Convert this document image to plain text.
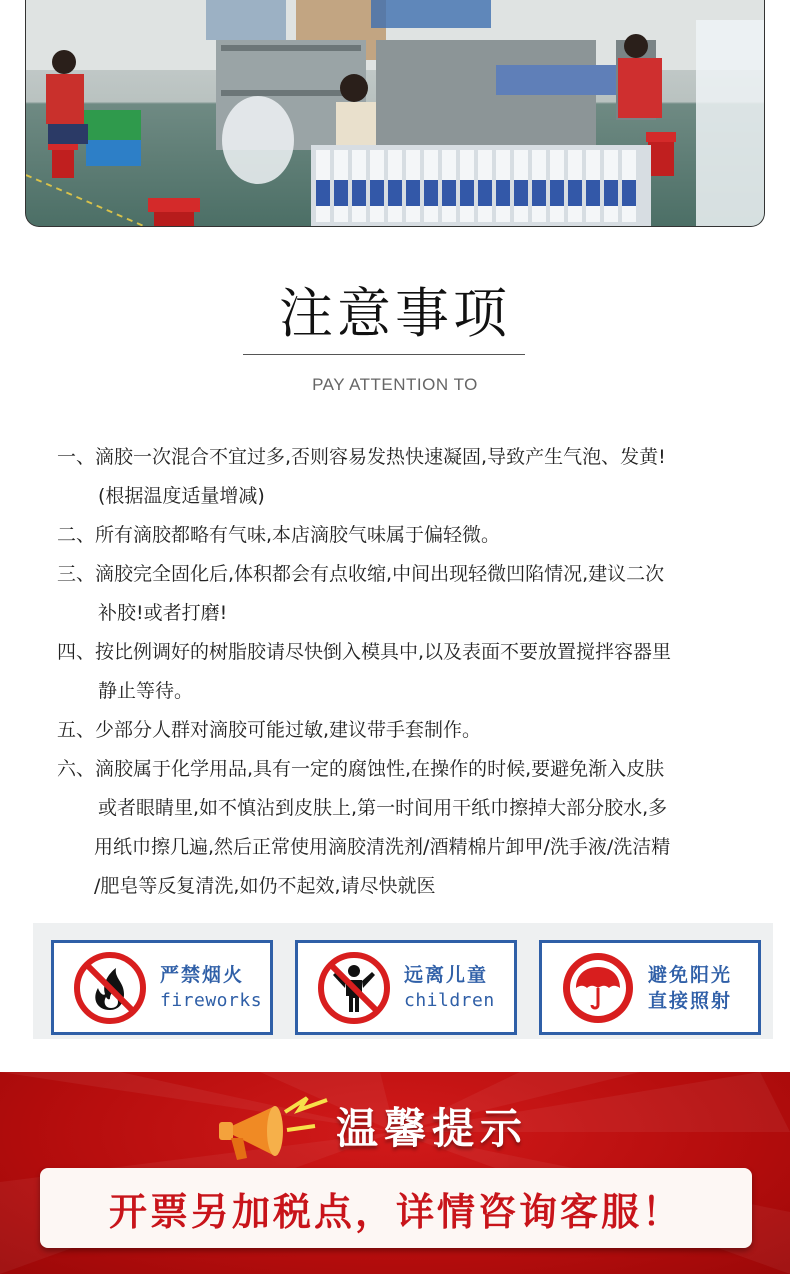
注意事项
PAY ATTENTION TO
一、 滴胶一次混合不宜过多,否则容易发热快速凝固,导致产生气泡、发黄!
(根据温度适量增减)
二、 所有滴胶都略有气味,本店滴胶气味属于偏轻微。
三、 滴胶完全固化后,体积都会有点收缩,中间出现轻微凹陷情况,建议二次
补胶!或者打磨!
四、 按比例调好的树脂胶请尽快倒入模具中,以及表面不要放置搅拌容器里
静止等待。
五、 少部分人群对滴胶可能过敏,建议带手套制作。
六、 滴胶属于化学用品,具有一定的腐蚀性,在操作的时候,要避免渐入皮肤
或者眼睛里,如不慎沾到皮肤上,第一时间用干纸巾擦掉大部分胶水,多
用纸巾擦几遍,然后正常使用滴胶清洗剂/酒精棉片卸甲/洗手液/洗洁精
/肥皂等反复清洗,如仍不起效,请尽快就医
严禁烟火
fireworks
远离儿童
children
避免阳光
直接照射
温馨提示
开票另加税点，详情咨询客服！
